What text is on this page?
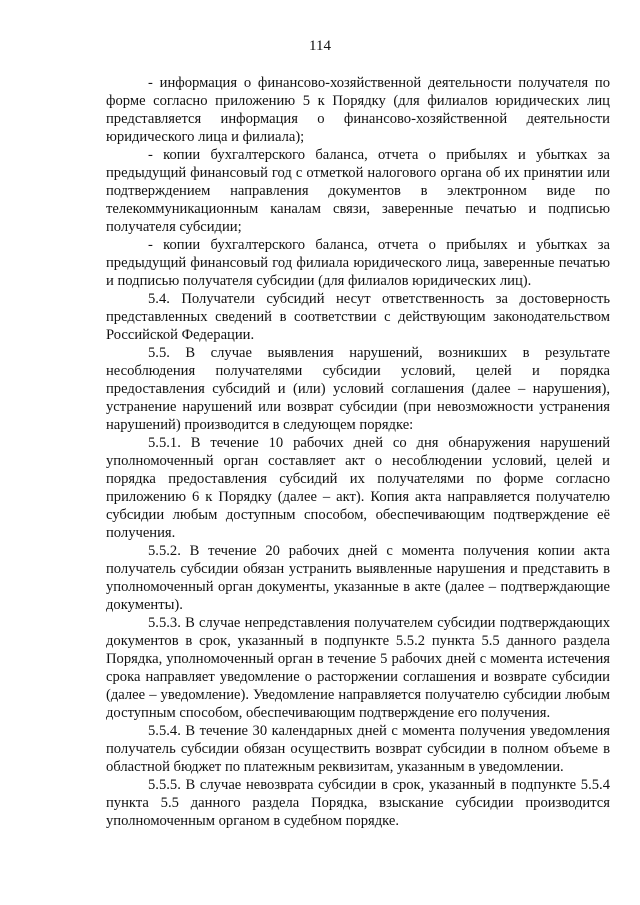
114

- информация о финансово-хозяйственной деятельности получателя по форме согласно приложению 5 к Порядку (для филиалов юридических лиц представляется информация о финансово-хозяйственной деятельности юридического лица и филиала);

- копии бухгалтерского баланса, отчета о прибылях и убытках за предыдущий финансовый год с отметкой налогового органа об их принятии или подтверждением направления документов в электронном виде по телекоммуникационным каналам связи, заверенные печатью и подписью получателя субсидии;

- копии бухгалтерского баланса, отчета о прибылях и убытках за предыдущий финансовый год филиала юридического лица, заверенные печатью и подписью получателя субсидии (для филиалов юридических лиц).

5.4. Получатели субсидий несут ответственность за достоверность представленных сведений в соответствии с действующим законодательством Российской Федерации.

5.5. В случае выявления нарушений, возникших в результате несоблюдения получателями субсидии условий, целей и порядка предоставления субсидий и (или) условий соглашения (далее – нарушения), устранение нарушений или возврат субсидии (при невозможности устранения нарушений) производится в следующем порядке:

5.5.1. В течение 10 рабочих дней со дня обнаружения нарушений уполномоченный орган составляет акт о несоблюдении условий, целей и порядка предоставления субсидий их получателями по форме согласно приложению 6 к Порядку (далее – акт). Копия акта направляется получателю субсидии любым доступным способом, обеспечивающим подтверждение её получения.

5.5.2. В течение 20 рабочих дней с момента получения копии акта получатель субсидии обязан устранить выявленные нарушения и представить в уполномоченный орган документы, указанные в акте (далее – подтверждающие документы).

5.5.3. В случае непредставления получателем субсидии подтверждающих документов в срок, указанный в подпункте 5.5.2 пункта 5.5 данного раздела Порядка, уполномоченный орган в течение 5 рабочих дней с момента истечения срока направляет уведомление о расторжении соглашения и возврате субсидии (далее – уведомление). Уведомление направляется получателю субсидии любым доступным способом, обеспечивающим подтверждение его получения.

5.5.4. В течение 30 календарных дней с момента получения уведомления получатель субсидии обязан осуществить возврат субсидии в полном объеме в областной бюджет по платежным реквизитам, указанным в уведомлении.

5.5.5. В случае невозврата субсидии в срок, указанный в подпункте 5.5.4 пункта 5.5 данного раздела Порядка, взыскание субсидии производится уполномоченным органом в судебном порядке.
